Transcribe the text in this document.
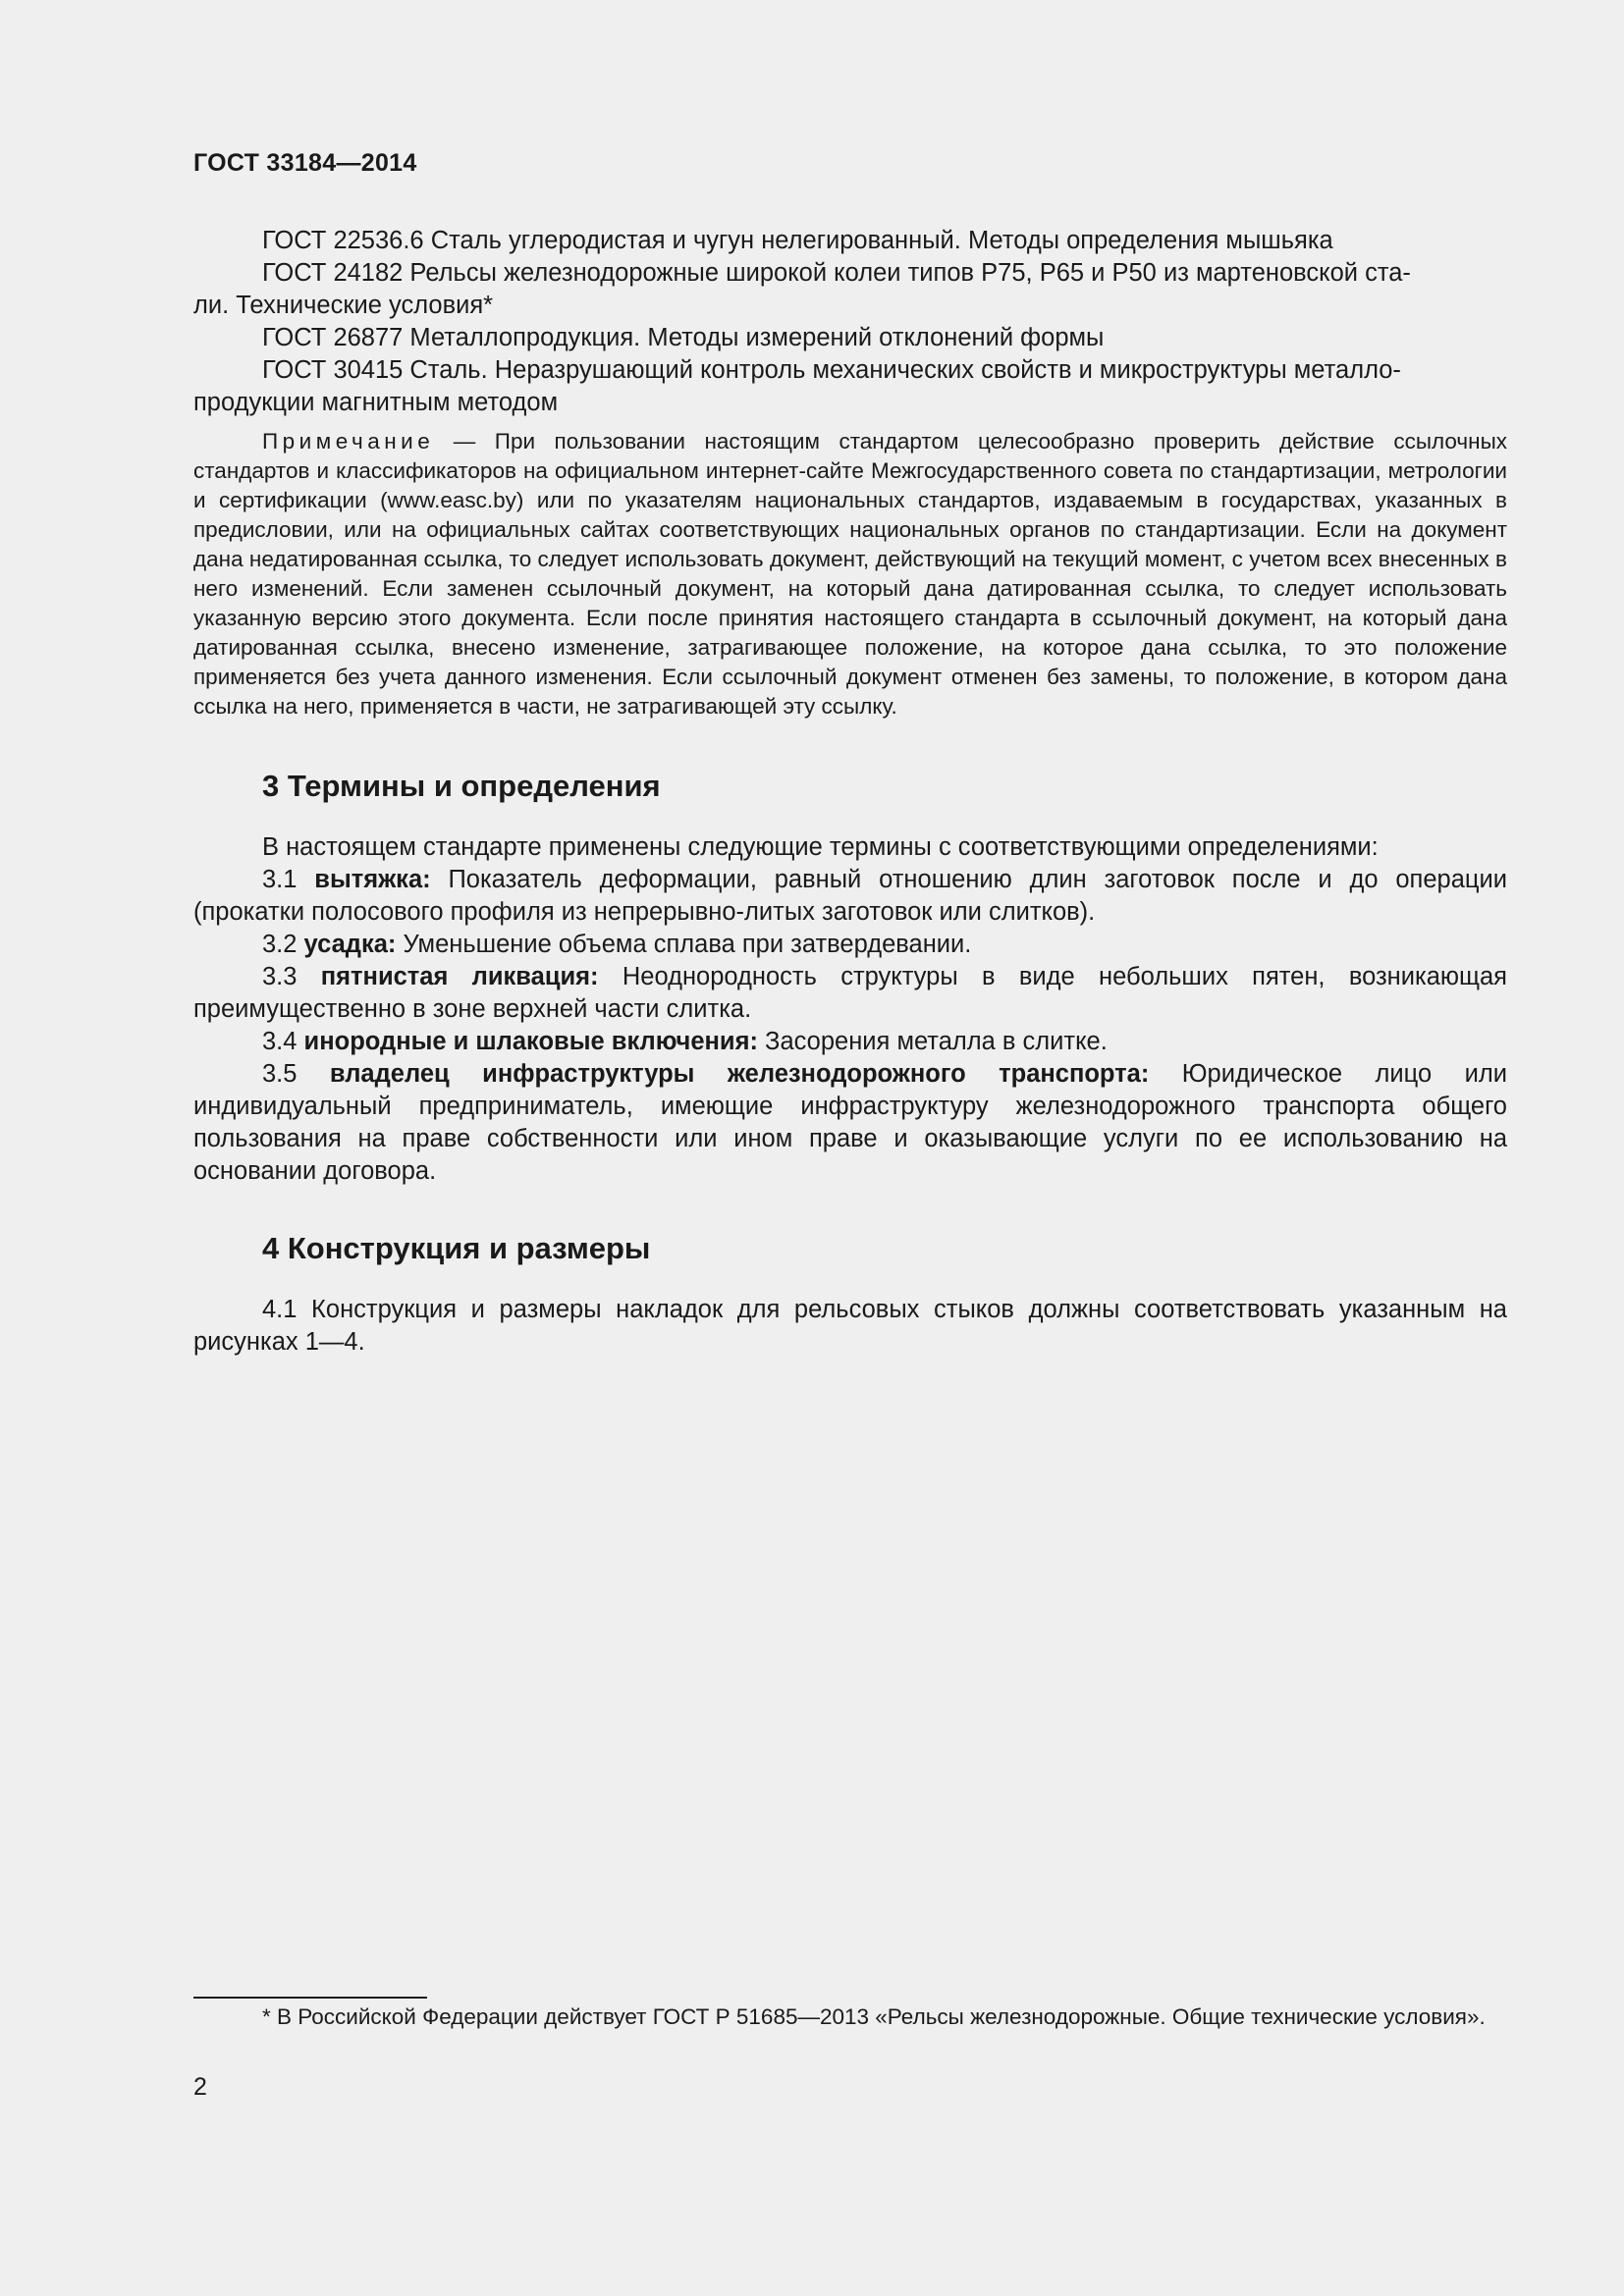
ГОСТ 33184—2014

ГОСТ 22536.6 Сталь углеродистая и чугун нелегированный. Методы определения мышьяка

ГОСТ 24182 Рельсы железнодорожные широкой колеи типов Р75, Р65 и Р50 из мартеновской ста-
ли. Технические условия*

ГОСТ 26877 Металлопродукция. Методы измерений отклонений формы

ГОСТ 30415 Сталь. Неразрушающий контроль механических свойств и микроструктуры металло-
продукции магнитным методом

Примечание — При пользовании настоящим стандартом целесообразно проверить действие ссылочных стандартов и классификаторов на официальном интернет-сайте Межгосударственного совета по стандартизации, метрологии и сертификации (www.easc.by) или по указателям национальных стандартов, издаваемым в государствах, указанных в предисловии, или на официальных сайтах соответствующих национальных органов по стандартизации. Если на документ дана недатированная ссылка, то следует использовать документ, действующий на текущий момент, с учетом всех внесенных в него изменений. Если заменен ссылочный документ, на который дана датированная ссылка, то следует использовать указанную версию этого документа. Если после принятия настоящего стандарта в ссылочный документ, на который дана датированная ссылка, внесено изменение, затрагивающее положение, на которое дана ссылка, то это положение применяется без учета данного изменения. Если ссылочный документ отменен без замены, то положение, в котором дана ссылка на него, применяется в части, не затрагивающей эту ссылку.

3 Термины и определения

В настоящем стандарте применены следующие термины с соответствующими определениями:

3.1 вытяжка: Показатель деформации, равный отношению длин заготовок после и до операции (прокатки полосового профиля из непрерывно-литых заготовок или слитков).

3.2 усадка: Уменьшение объема сплава при затвердевании.

3.3 пятнистая ликвация: Неоднородность структуры в виде небольших пятен, возникающая преимущественно в зоне верхней части слитка.

3.4 инородные и шлаковые включения: Засорения металла в слитке.

3.5 владелец инфраструктуры железнодорожного транспорта: Юридическое лицо или индивидуальный предприниматель, имеющие инфраструктуру железнодорожного транспорта общего пользования на праве собственности или ином праве и оказывающие услуги по ее использованию на основании договора.

4 Конструкция и размеры

4.1 Конструкция и размеры накладок для рельсовых стыков должны соответствовать указанным на рисунках 1—4.

* В Российской Федерации действует ГОСТ Р 51685—2013 «Рельсы железнодорожные. Общие технические условия».

2
